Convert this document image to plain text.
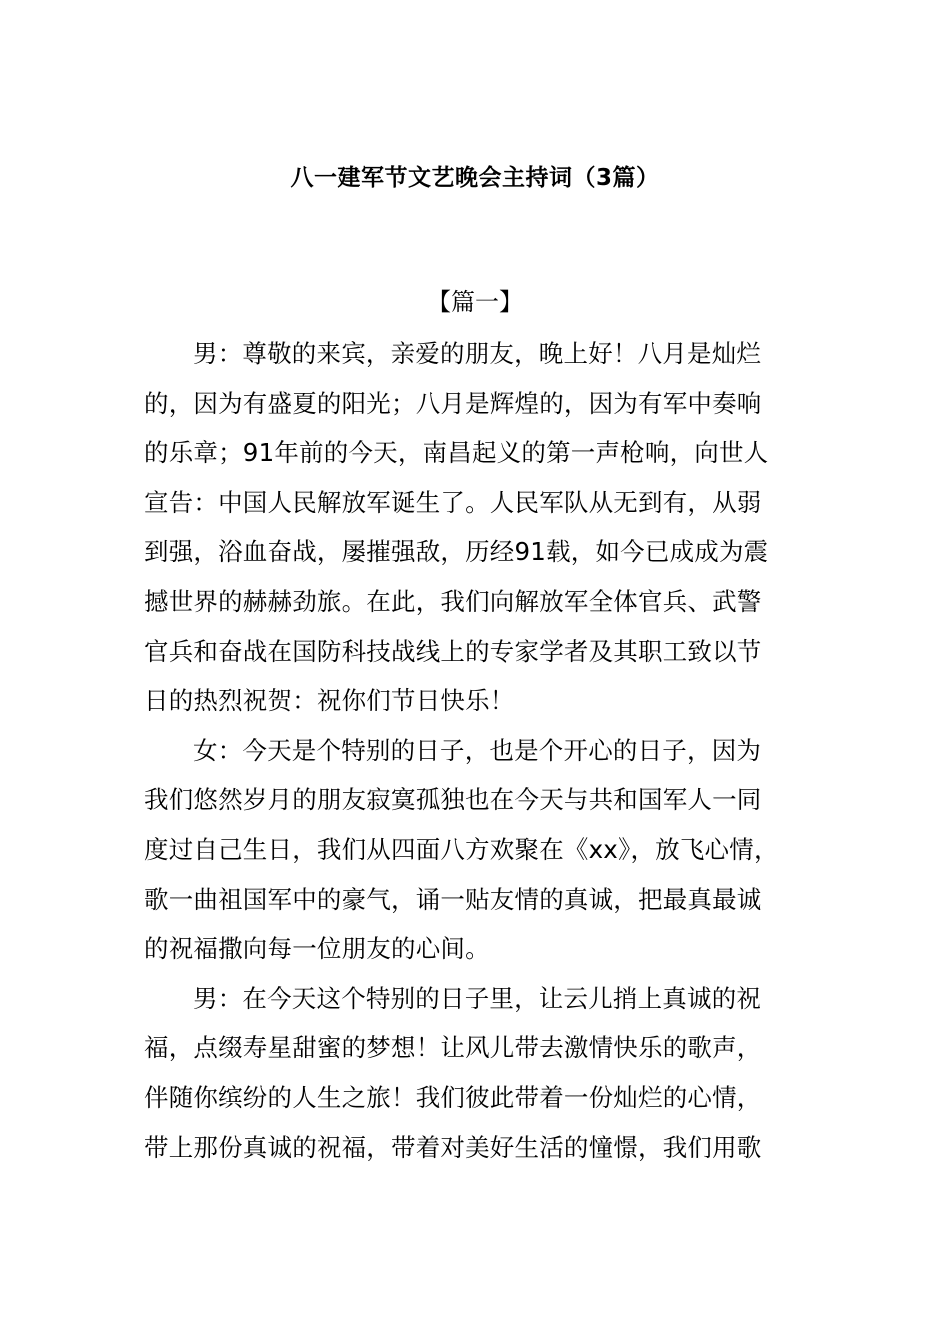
八一建军节文艺晚会主持词（3篇）
【篇一】
男：尊敬的来宾，亲爱的朋友，晚上好！八月是灿烂
的，因为有盛夏的阳光；八月是辉煌的，因为有军中奏响
的乐章；91年前的今天，南昌起义的第一声枪响，向世人
宣告：中国人民解放军诞生了。人民军队从无到有，从弱
到强，浴血奋战，屡摧强敌，历经91载，如今已成成为震
撼世界的赫赫劲旅。在此，我们向解放军全体官兵、武警
官兵和奋战在国防科技战线上的专家学者及其职工致以节
日的热烈祝贺：祝你们节日快乐！
女：今天是个特别的日子，也是个开心的日子，因为
我们悠然岁月的朋友寂寞孤独也在今天与共和国军人一同
度过自己生日，我们从四面八方欢聚在《xx》，放飞心情，
歌一曲祖国军中的豪气，诵一贴友情的真诚，把最真最诚
的祝福撒向每一位朋友的心间。
男：在今天这个特别的日子里，让云儿捎上真诚的祝
福，点缀寿星甜蜜的梦想！让风儿带去激情快乐的歌声，
伴随你缤纷的人生之旅！我们彼此带着一份灿烂的心情，
带上那份真诚的祝福，带着对美好生活的憧憬，我们用歌
